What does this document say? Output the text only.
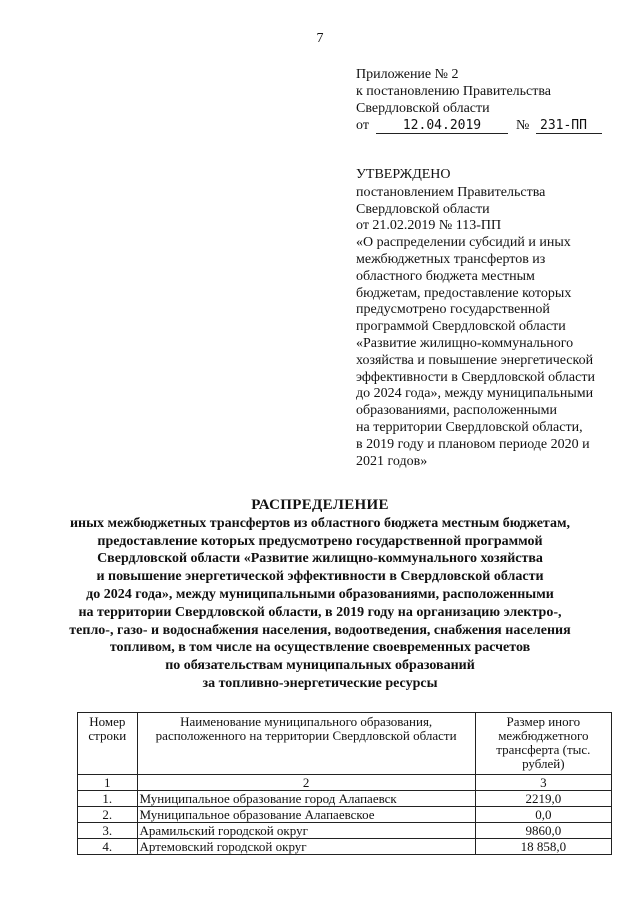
7
Приложение № 2
к постановлению Правительства
Свердловской области
от	12.04.2019	№ 231-ПП
УТВЕРЖДЕНО
постановлением Правительства
Свердловской области
от 21.02.2019 № 113-ПП
«О распределении субсидий и иных
межбюджетных трансфертов из
областного бюджета местным
бюджетам, предоставление которых
предусмотрено государственной
программой Свердловской области
«Развитие жилищно-коммунального
хозяйства и повышение энергетической
эффективности в Свердловской области
до 2024 года», между муниципальными
образованиями, расположенными
на территории Свердловской области,
в 2019 году и плановом периоде 2020 и
2021 годов»
РАСПРЕДЕЛЕНИЕ
иных межбюджетных трансфертов из областного бюджета местным бюджетам,
предоставление которых предусмотрено государственной программой
Свердловской области «Развитие жилищно-коммунального хозяйства
и повышение энергетической эффективности в Свердловской области
до 2024 года», между муниципальными образованиями, расположенными
на территории Свердловской области, в 2019 году на организацию электро-,
тепло-, газо- и водоснабжения населения, водоотведения, снабжения населения
топливом, в том числе на осуществление своевременных расчетов
по обязательствам муниципальных образований
за топливно-энергетические ресурсы
Номер строки	Наименование муниципального образования, расположенного на территории Свердловской области	Размер иного межбюджетного трансферта (тыс. рублей)
1	2	3
1.	Муниципальное образование город Алапаевск	2219,0
2.	Муниципальное образование Алапаевское	0,0
3.	Арамильский городской округ	9860,0
4.	Артемовский городской округ	18 858,0
